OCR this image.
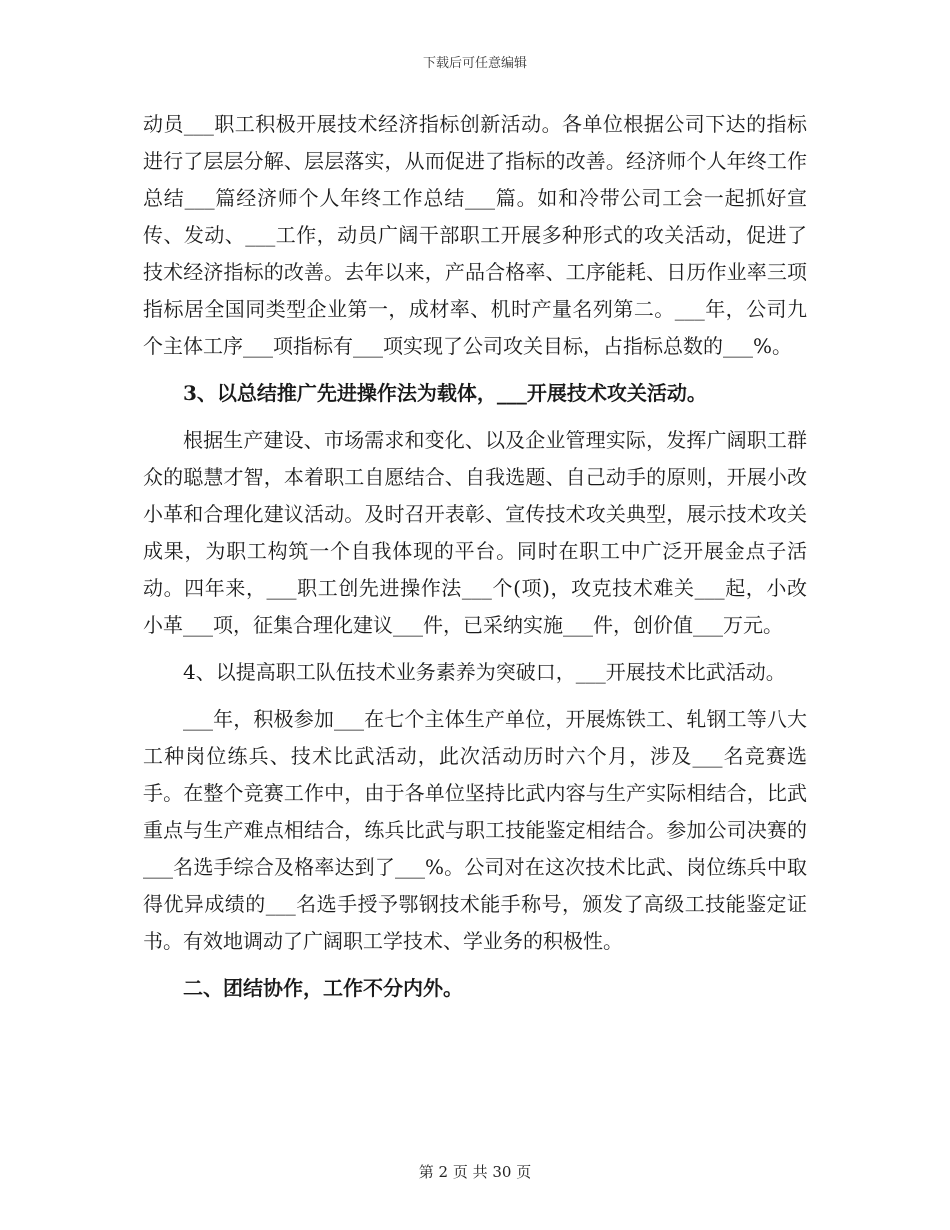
下载后可任意编辑

动员___职工积极开展技术经济指标创新活动。各单位根据公司下达的指标进行了层层分解、层层落实，从而促进了指标的改善。经济师个人年终工作总结___篇经济师个人年终工作总结___篇。如和冷带公司工会一起抓好宣传、发动、___工作，动员广阔干部职工开展多种形式的攻关活动，促进了技术经济指标的改善。去年以来，产品合格率、工序能耗、日历作业率三项指标居全国同类型企业第一，成材率、机时产量名列第二。___年，公司九个主体工序___项指标有___项实现了公司攻关目标，占指标总数的___%。

3、以总结推广先进操作法为载体，___开展技术攻关活动。

根据生产建设、市场需求和变化、以及企业管理实际，发挥广阔职工群众的聪慧才智，本着职工自愿结合、自我选题、自己动手的原则，开展小改小革和合理化建议活动。及时召开表彰、宣传技术攻关典型，展示技术攻关成果，为职工构筑一个自我体现的平台。同时在职工中广泛开展金点子活动。四年来，___职工创先进操作法___个(项)，攻克技术难关___起，小改小革___项，征集合理化建议___件，已采纳实施___件，创价值___万元。

4、以提高职工队伍技术业务素养为突破口，___开展技术比武活动。

___年，积极参加___在七个主体生产单位，开展炼铁工、轧钢工等八大工种岗位练兵、技术比武活动，此次活动历时六个月，涉及___名竞赛选手。在整个竞赛工作中，由于各单位坚持比武内容与生产实际相结合，比武重点与生产难点相结合，练兵比武与职工技能鉴定相结合。参加公司决赛的___名选手综合及格率达到了___%。公司对在这次技术比武、岗位练兵中取得优异成绩的___名选手授予鄂钢技术能手称号，颁发了高级工技能鉴定证书。有效地调动了广阔职工学技术、学业务的积极性。

二、团结协作，工作不分内外。

第 2 页 共 30 页
